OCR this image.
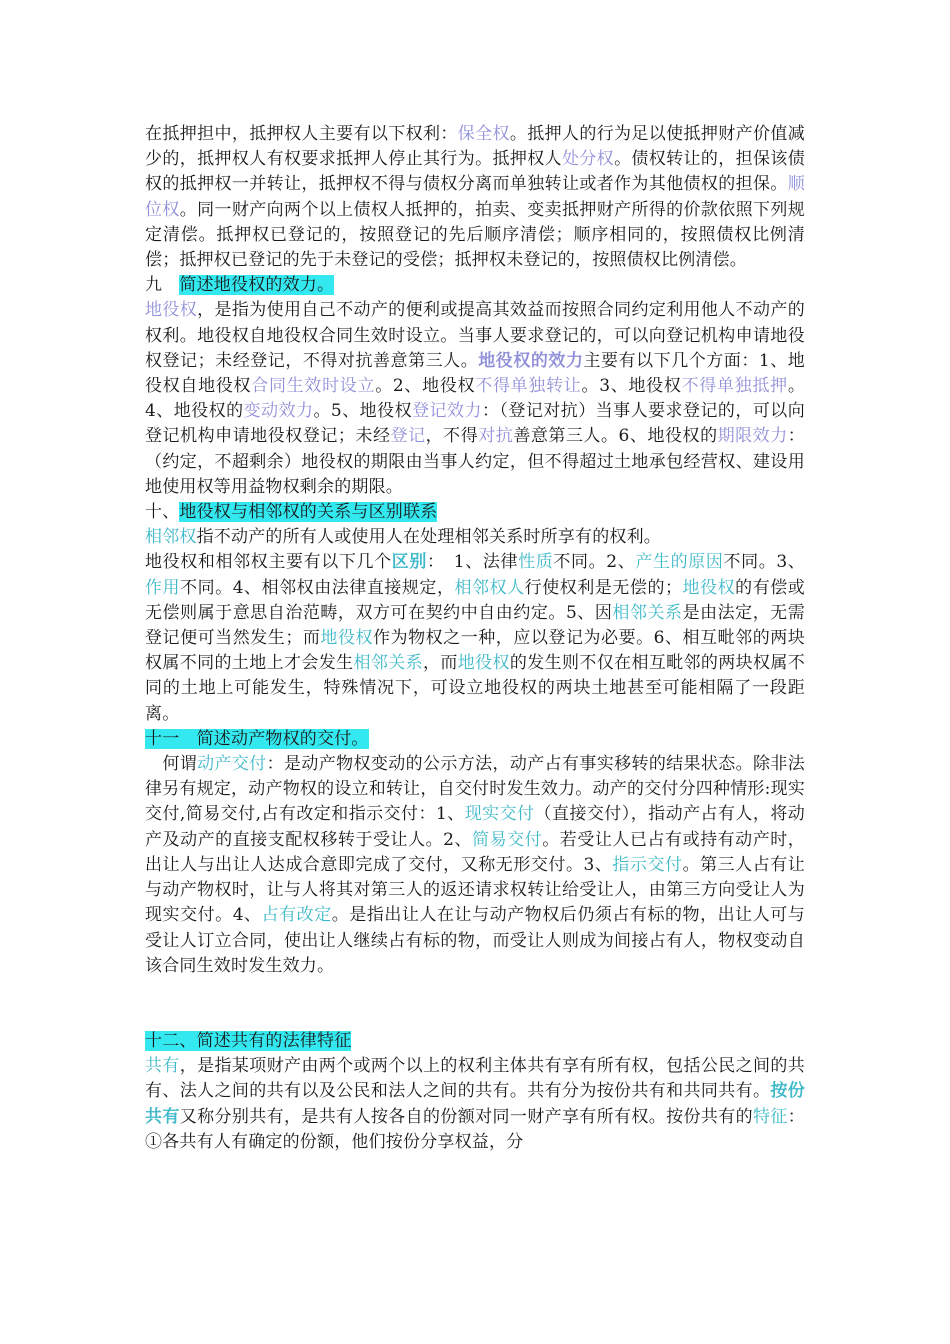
在抵押担中，抵押权人主要有以下权利：保全权。抵押人的行为足以使抵押财产价值减少的，抵押权人有权要求抵押人停止其行为。抵押权人处分权。债权转让的，担保该债权的抵押权一并转让，抵押权不得与债权分离而单独转让或者作为其他债权的担保。顺位权。同一财产向两个以上债权人抵押的，拍卖、变卖抵押财产所得的价款依照下列规定清偿。抵押权已登记的，按照登记的先后顺序清偿；顺序相同的，按照债权比例清偿；抵押权已登记的先于未登记的受偿；抵押权未登记的，按照债权比例清偿。

九　简述地役权的效力。

地役权，是指为使用自己不动产的便利或提高其效益而按照合同约定利用他人不动产的权利。地役权自地役权合同生效时设立。当事人要求登记的，可以向登记机构申请地役权登记；未经登记，不得对抗善意第三人。地役权的效力主要有以下几个方面：1、地役权自地役权合同生效时设立。2、地役权不得单独转让。3、地役权不得单独抵押。4、地役权的变动效力。5、地役权登记效力：（登记对抗）当事人要求登记的，可以向登记机构申请地役权登记；未经登记，不得对抗善意第三人。6、地役权的期限效力：（约定，不超剩余）地役权的期限由当事人约定，但不得超过土地承包经营权、建设用地使用权等用益物权剩余的期限。

十、地役权与相邻权的关系与区别联系

相邻权指不动产的所有人或使用人在处理相邻关系时所享有的权利。

地役权和相邻权主要有以下几个区别：　1、法律性质不同。2、产生的原因不同。3、作用不同。4、相邻权由法律直接规定，相邻权人行使权利是无偿的；地役权的有偿或无偿则属于意思自治范畴，双方可在契约中自由约定。5、因相邻关系是由法定，无需登记便可当然发生；而地役权作为物权之一种，应以登记为必要。6、相互毗邻的两块权属不同的土地上才会发生相邻关系，而地役权的发生则不仅在相互毗邻的两块权属不同的土地上可能发生，特殊情况下，可设立地役权的两块土地甚至可能相隔了一段距离。

十一　简述动产物权的交付。

　何谓动产交付：是动产物权变动的公示方法，动产占有事实移转的结果状态。除非法律另有规定，动产物权的设立和转让，自交付时发生效力。动产的交付分四种情形:现实交付,简易交付,占有改定和指示交付：1、现实交付（直接交付），指动产占有人，将动产及动产的直接支配权移转于受让人。2、简易交付。若受让人已占有或持有动产时，出让人与出让人达成合意即完成了交付，又称无形交付。3、指示交付。第三人占有让与动产物权时，让与人将其对第三人的返还请求权转让给受让人，由第三方向受让人为现实交付。4、占有改定。是指出让人在让与动产物权后仍须占有标的物，出让人可与受让人订立合同，使出让人继续占有标的物，而受让人则成为间接占有人，物权变动自该合同生效时发生效力。

十二、简述共有的法律特征

共有，是指某项财产由两个或两个以上的权利主体共有享有所有权，包括公民之间的共有、法人之间的共有以及公民和法人之间的共有。共有分为按份共有和共同共有。按份共有又称分别共有，是共有人按各自的份额对同一财产享有所有权。按份共有的特征：①各共有人有确定的份额，他们按份分享权益，分
